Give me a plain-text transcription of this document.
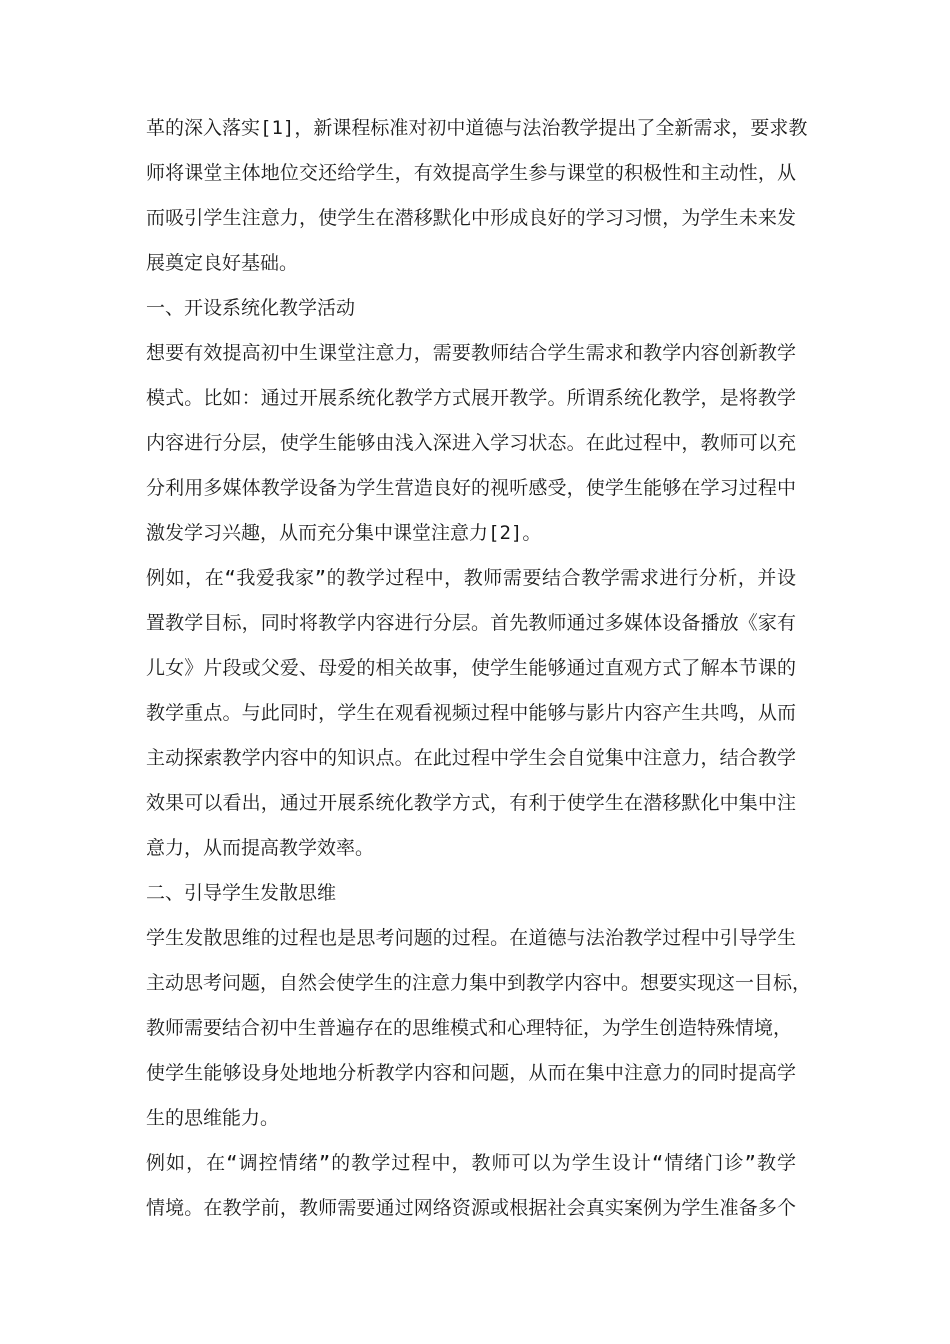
革的深入落实[1]，新课程标准对初中道德与法治教学提出了全新需求，要求教
师将课堂主体地位交还给学生，有效提高学生参与课堂的积极性和主动性，从
而吸引学生注意力，使学生在潜移默化中形成良好的学习习惯，为学生未来发
展奠定良好基础。
一、开设系统化教学活动
想要有效提高初中生课堂注意力，需要教师结合学生需求和教学内容创新教学
模式。比如：通过开展系统化教学方式展开教学。所谓系统化教学，是将教学
内容进行分层，使学生能够由浅入深进入学习状态。在此过程中，教师可以充
分利用多媒体教学设备为学生营造良好的视听感受，使学生能够在学习过程中
激发学习兴趣，从而充分集中课堂注意力[2]。
例如，在“我爱我家”的教学过程中，教师需要结合教学需求进行分析，并设
置教学目标，同时将教学内容进行分层。首先教师通过多媒体设备播放《家有
儿女》片段或父爱、母爱的相关故事，使学生能够通过直观方式了解本节课的
教学重点。与此同时，学生在观看视频过程中能够与影片内容产生共鸣，从而
主动探索教学内容中的知识点。在此过程中学生会自觉集中注意力，结合教学
效果可以看出，通过开展系统化教学方式，有利于使学生在潜移默化中集中注
意力，从而提高教学效率。
二、引导学生发散思维
学生发散思维的过程也是思考问题的过程。在道德与法治教学过程中引导学生
主动思考问题，自然会使学生的注意力集中到教学内容中。想要实现这一目标，
教师需要结合初中生普遍存在的思维模式和心理特征，为学生创造特殊情境，
使学生能够设身处地地分析教学内容和问题，从而在集中注意力的同时提高学
生的思维能力。
例如，在“调控情绪”的教学过程中，教师可以为学生设计“情绪门诊”教学
情境。在教学前，教师需要通过网络资源或根据社会真实案例为学生准备多个
